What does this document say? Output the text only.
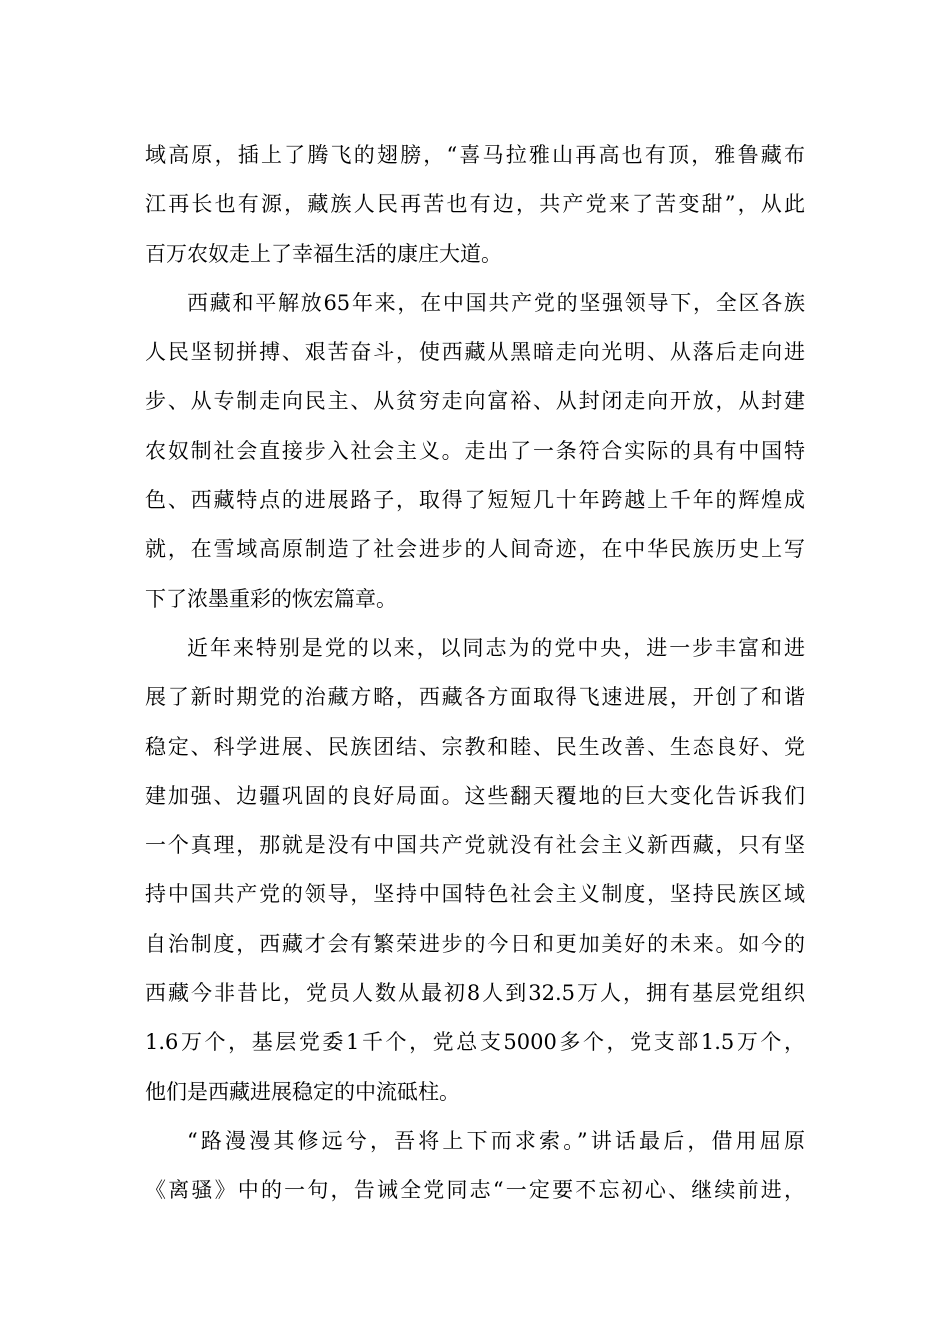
域高原，插上了腾飞的翅膀，“喜马拉雅山再高也有顶，雅鲁藏布
江再长也有源，藏族人民再苦也有边，共产党来了苦变甜”，从此
百万农奴走上了幸福生活的康庄大道。
西藏和平解放65年来，在中国共产党的坚强领导下，全区各族
人民坚韧拼搏、艰苦奋斗，使西藏从黑暗走向光明、从落后走向进
步、从专制走向民主、从贫穷走向富裕、从封闭走向开放，从封建
农奴制社会直接步入社会主义。走出了一条符合实际的具有中国特
色、西藏特点的进展路子，取得了短短几十年跨越上千年的辉煌成
就，在雪域高原制造了社会进步的人间奇迹，在中华民族历史上写
下了浓墨重彩的恢宏篇章。
近年来特别是党的以来，以同志为的党中央，进一步丰富和进
展了新时期党的治藏方略，西藏各方面取得飞速进展，开创了和谐
稳定、科学进展、民族团结、宗教和睦、民生改善、生态良好、党
建加强、边疆巩固的良好局面。这些翻天覆地的巨大变化告诉我们
一个真理，那就是没有中国共产党就没有社会主义新西藏，只有坚
持中国共产党的领导，坚持中国特色社会主义制度，坚持民族区域
自治制度，西藏才会有繁荣进步的今日和更加美好的未来。如今的
西藏今非昔比，党员人数从最初8人到32.5万人，拥有基层党组织
1.6万个，基层党委1千个，党总支5000多个，党支部1.5万个，
他们是西藏进展稳定的中流砥柱。
“路漫漫其修远兮，吾将上下而求索。”讲话最后，借用屈原
《离骚》中的一句，告诫全党同志“一定要不忘初心、继续前进，
